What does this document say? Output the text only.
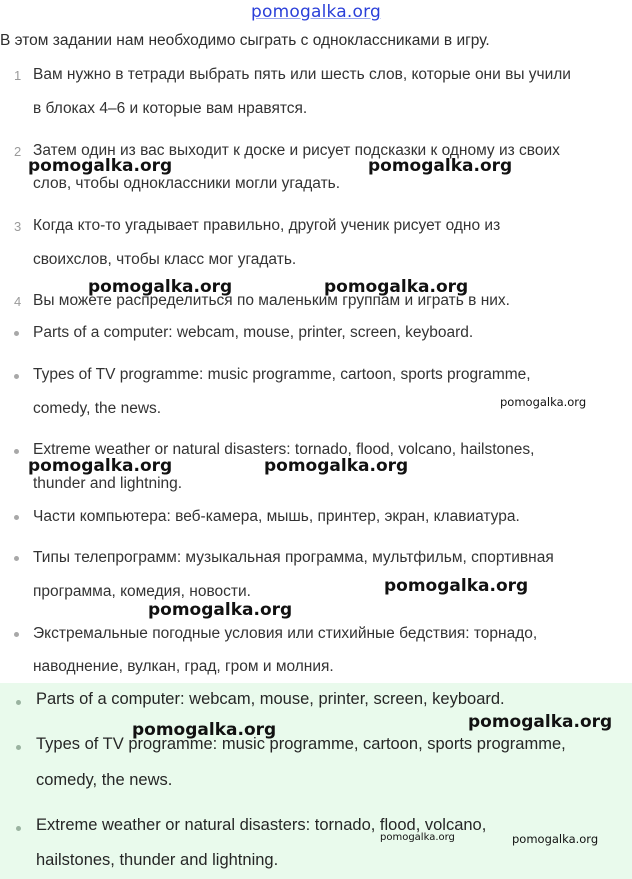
pomogalka.org
В этом задании нам необходимо сыграть с одноклассниками в игру.
1 Вам нужно в тетради выбрать пять или шесть слов, которые они вы учили
в блоках 4–6 и которые вам нравятся.
2 Затем один из вас выходит к доске и рисует подсказки к одному из своих
слов, чтобы одноклассники могли угадать.
3 Когда кто-то угадывает правильно, другой ученик рисует одно из
своихслов, чтобы класс мог угадать.
4 Вы можете распределиться по маленьким группам и играть в них.
Parts of a computer: webcam, mouse, printer, screen, keyboard.
Types of TV programme: music programme, cartoon, sports programme,
comedy, the news.
Extreme weather or natural disasters: tornado, flood, volcano, hailstones,
thunder and lightning.
Части компьютера: веб-камера, мышь, принтер, экран, клавиатура.
Типы телепрограмм: музыкальная программа, мультфильм, спортивная
программа, комедия, новости.
Экстремальные погодные условия или стихийные бедствия: торнадо,
наводнение, вулкан, град, гром и молния.
Parts of a computer: webcam, mouse, printer, screen, keyboard.
Types of TV programme: music programme, cartoon, sports programme,
comedy, the news.
Extreme weather or natural disasters: tornado, flood, volcano,
hailstones, thunder and lightning.
pomogalka.org	pomogalka.org
pomogalka.org	pomogalka.org
pomogalka.org
pomogalka.org	pomogalka.org
pomogalka.org
pomogalka.org
pomogalka.org	pomogalka.org
pomogalka.org	pomogalka.org
